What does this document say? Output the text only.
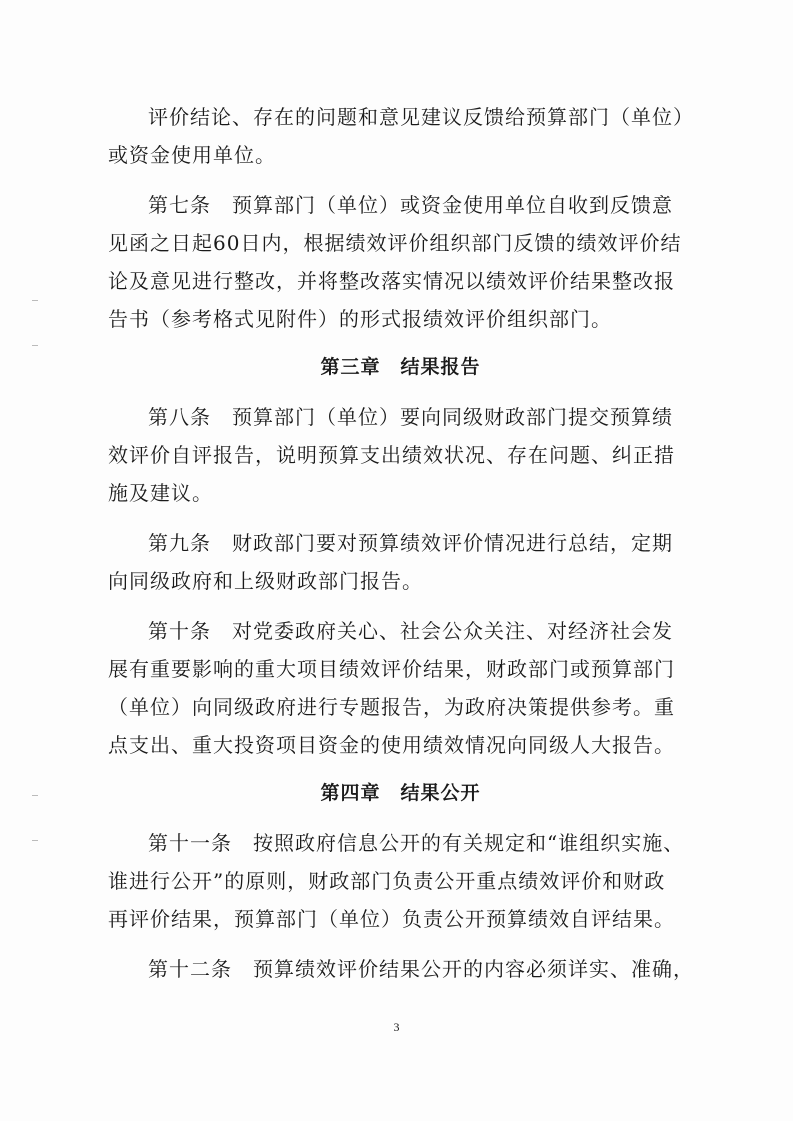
评价结论、存在的问题和意见建议反馈给预算部门（单位）
或资金使用单位。
第七条　预算部门（单位）或资金使用单位自收到反馈意
见函之日起60日内，根据绩效评价组织部门反馈的绩效评价结
论及意见进行整改，并将整改落实情况以绩效评价结果整改报
告书（参考格式见附件）的形式报绩效评价组织部门。
第三章　结果报告
第八条　预算部门（单位）要向同级财政部门提交预算绩
效评价自评报告，说明预算支出绩效状况、存在问题、纠正措
施及建议。
第九条　财政部门要对预算绩效评价情况进行总结，定期
向同级政府和上级财政部门报告。
第十条　对党委政府关心、社会公众关注、对经济社会发
展有重要影响的重大项目绩效评价结果，财政部门或预算部门
（单位）向同级政府进行专题报告，为政府决策提供参考。重
点支出、重大投资项目资金的使用绩效情况向同级人大报告。
第四章　结果公开
第十一条　按照政府信息公开的有关规定和“谁组织实施、
谁进行公开”的原则，财政部门负责公开重点绩效评价和财政
再评价结果，预算部门（单位）负责公开预算绩效自评结果。
第十二条　预算绩效评价结果公开的内容必须详实、准确，
3
